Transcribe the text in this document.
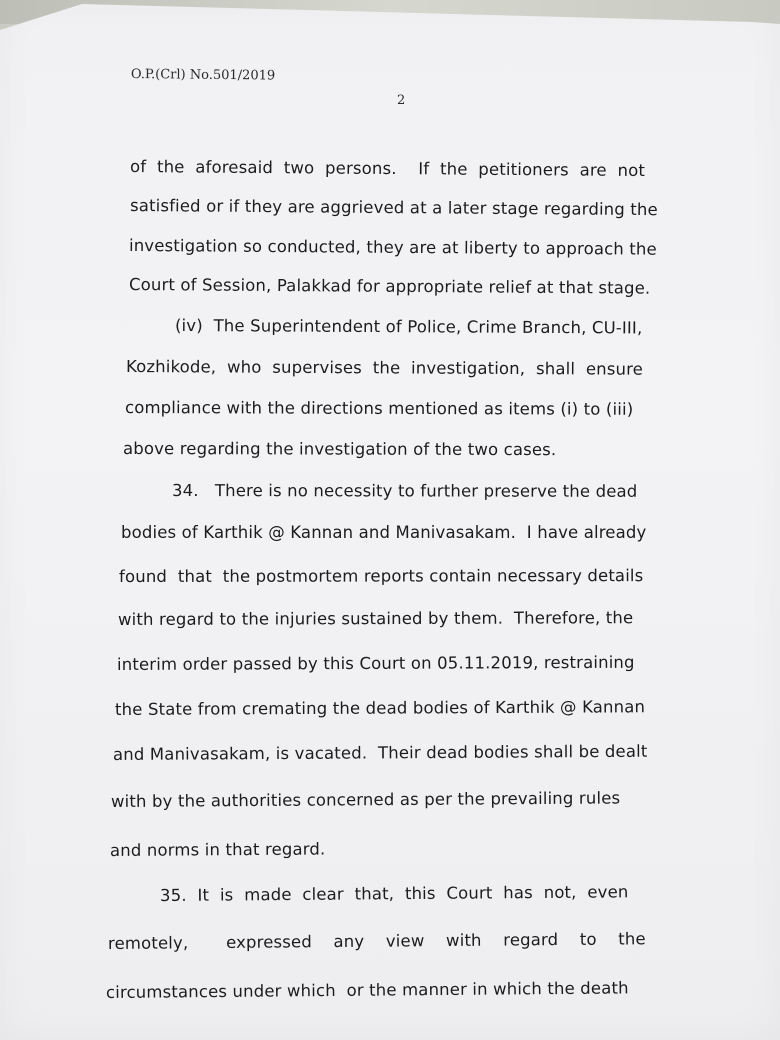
O.P.(Crl) No.501/2019
2
of  the  aforesaid  two  persons.    If  the  petitioners  are  not
satisfied or if they are aggrieved at a later stage regarding the
investigation so conducted, they are at liberty to approach the
Court of Session, Palakkad for appropriate relief at that stage.
(iv)  The Superintendent of Police, Crime Branch, CU-III,
Kozhikode,  who  supervises  the  investigation,  shall  ensure
compliance with the directions mentioned as items (i) to (iii)
above regarding the investigation of the two cases.
34.   There is no necessity to further preserve the dead
bodies of Karthik @ Kannan and Manivasakam.  I have already
found  that  the postmortem reports contain necessary details
with regard to the injuries sustained by them.  Therefore, the
interim order passed by this Court on 05.11.2019, restraining
the State from cremating the dead bodies of Karthik @ Kannan
and Manivasakam, is vacated.  Their dead bodies shall be dealt
with by the authorities concerned as per the prevailing rules
and norms in that regard.
35.  It  is  made  clear  that,  this  Court  has  not,  even
remotely,       expressed    any    view    with    regard    to    the
circumstances under which  or the manner in which the death
